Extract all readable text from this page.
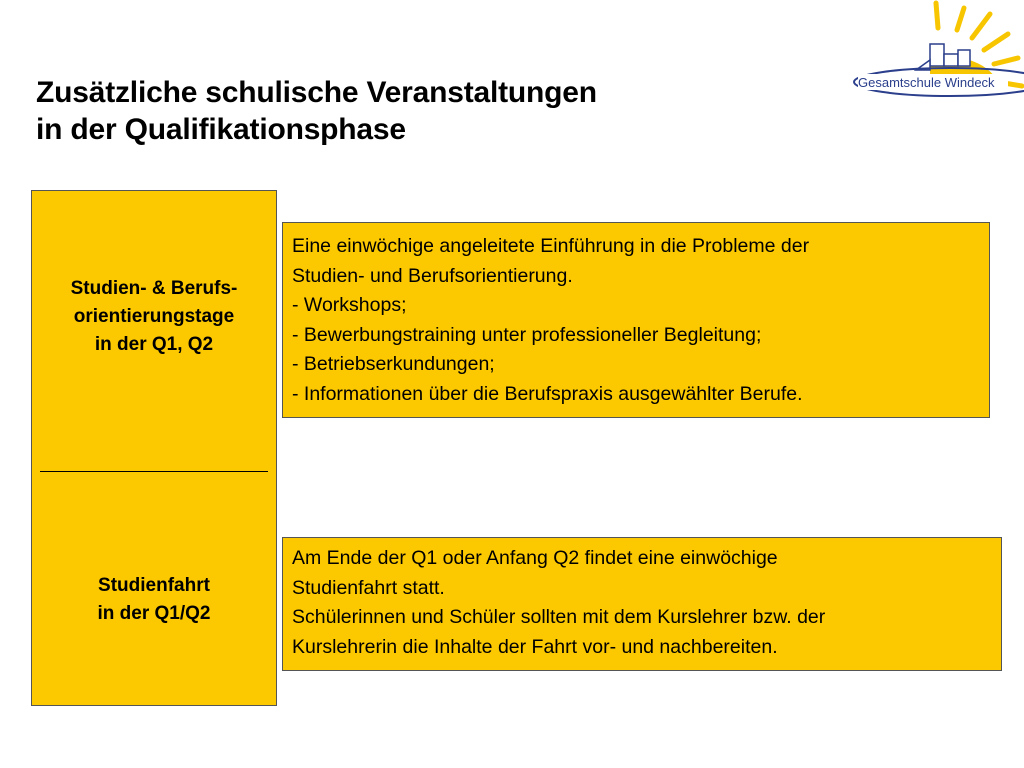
Zusätzliche schulische Veranstaltungen
in der Qualifikationsphase
Gesamtschule Windeck
Studien- & Berufs-
orientierungstage
in der Q1, Q2
Studienfahrt
in der Q1/Q2
Eine einwöchige angeleitete Einführung in die Probleme der
Studien- und Berufsorientierung.
- Workshops;
- Bewerbungstraining unter professioneller Begleitung;
- Betriebserkundungen;
- Informationen über die Berufspraxis ausgewählter Berufe.
Am Ende der Q1 oder Anfang Q2 findet eine einwöchige
Studienfahrt statt.
Schülerinnen und Schüler sollten mit dem Kurslehrer bzw. der
Kurslehrerin die Inhalte der Fahrt vor- und nachbereiten.
